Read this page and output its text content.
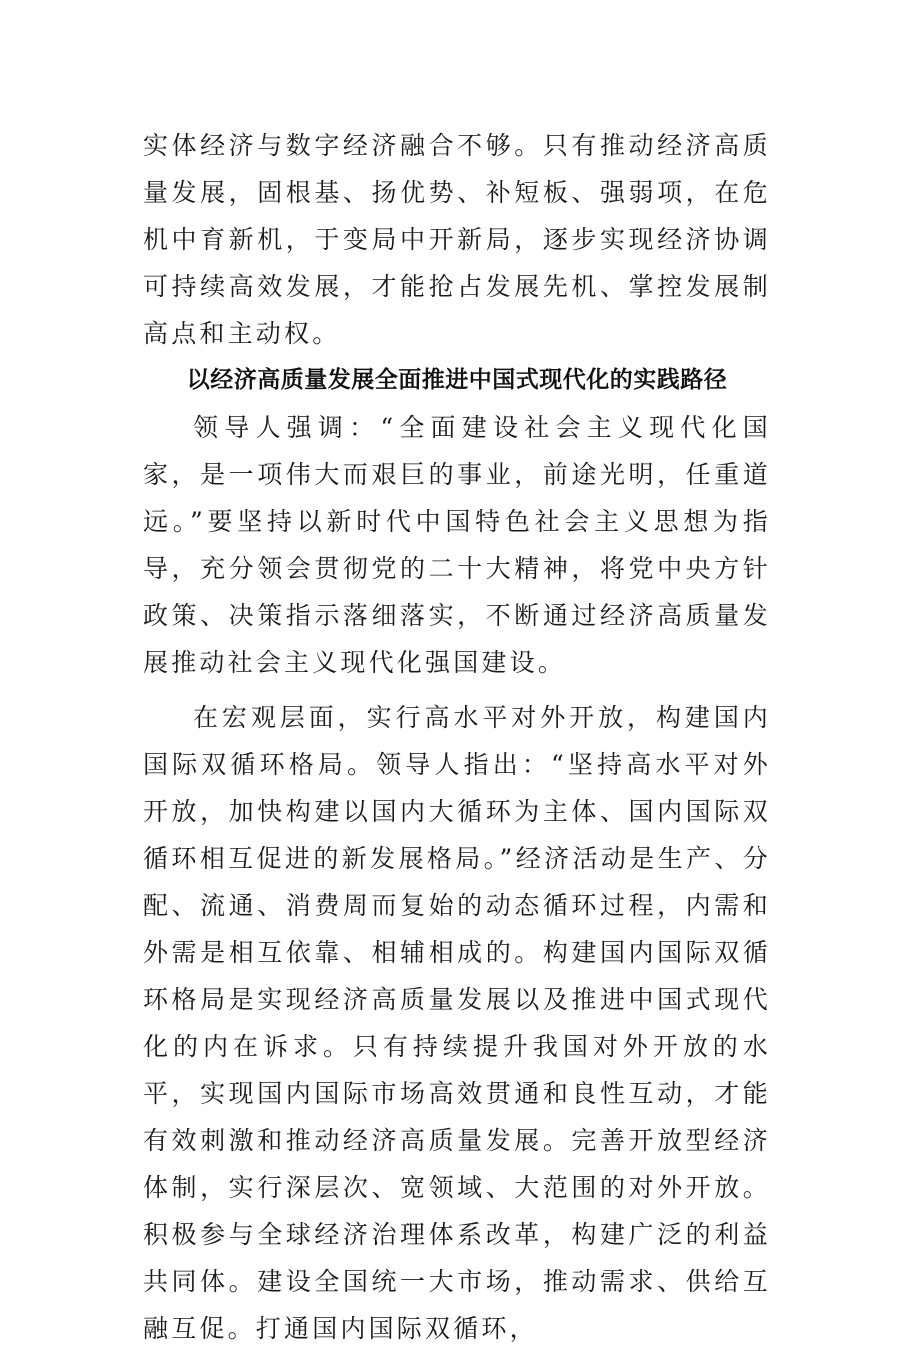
实体经济与数字经济融合不够。只有推动经济高质量发展，固根基、扬优势、补短板、强弱项，在危机中育新机，于变局中开新局，逐步实现经济协调可持续高效发展，才能抢占发展先机、掌控发展制高点和主动权。

以经济高质量发展全面推进中国式现代化的实践路径

领导人强调：“全面建设社会主义现代化国家，是一项伟大而艰巨的事业，前途光明，任重道远。”要坚持以新时代中国特色社会主义思想为指导，充分领会贯彻党的二十大精神，将党中央方针政策、决策指示落细落实，不断通过经济高质量发展推动社会主义现代化强国建设。

在宏观层面，实行高水平对外开放，构建国内国际双循环格局。领导人指出：“坚持高水平对外开放，加快构建以国内大循环为主体、国内国际双循环相互促进的新发展格局。”经济活动是生产、分配、流通、消费周而复始的动态循环过程，内需和外需是相互依靠、相辅相成的。构建国内国际双循环格局是实现经济高质量发展以及推进中国式现代化的内在诉求。只有持续提升我国对外开放的水平，实现国内国际市场高效贯通和良性互动，才能有效刺激和推动经济高质量发展。完善开放型经济体制，实行深层次、宽领域、大范围的对外开放。积极参与全球经济治理体系改革，构建广泛的利益共同体。建设全国统一大市场，推动需求、供给互融互促。打通国内国际双循环，
